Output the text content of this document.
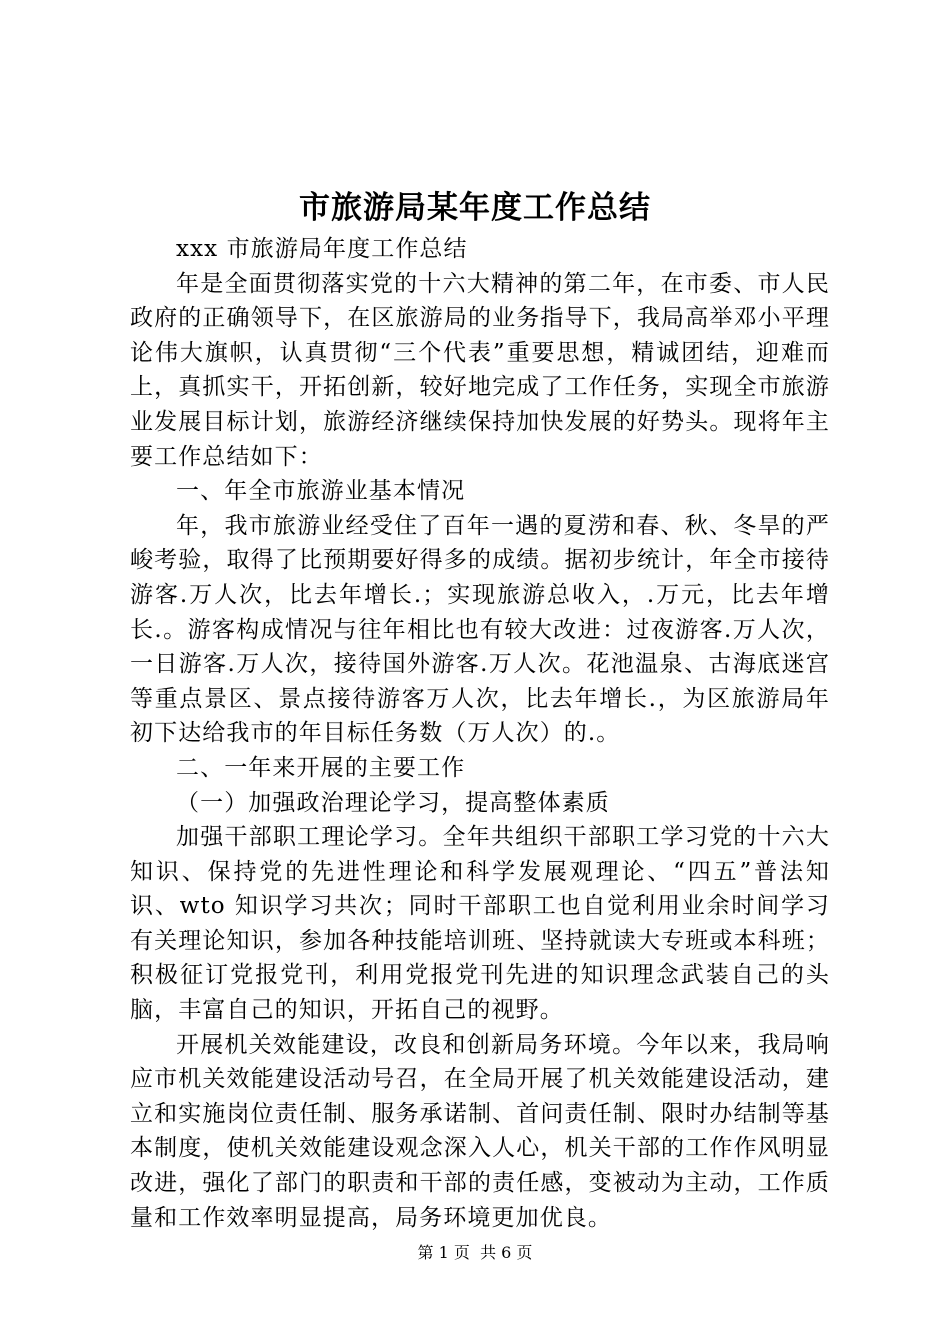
市旅游局某年度工作总结

xxx 市旅游局年度工作总结

年是全面贯彻落实党的十六大精神的第二年，在市委、市人民政府的正确领导下，在区旅游局的业务指导下，我局高举邓小平理论伟大旗帜，认真贯彻“三个代表”重要思想，精诚团结，迎难而上，真抓实干，开拓创新，较好地完成了工作任务，实现全市旅游业发展目标计划，旅游经济继续保持加快发展的好势头。现将年主要工作总结如下：

一、年全市旅游业基本情况

年，我市旅游业经受住了百年一遇的夏涝和春、秋、冬旱的严峻考验，取得了比预期要好得多的成绩。据初步统计，年全市接待游客.万人次，比去年增长.；实现旅游总收入，.万元，比去年增长.。游客构成情况与往年相比也有较大改进：过夜游客.万人次，一日游客.万人次，接待国外游客.万人次。花池温泉、古海底迷宫等重点景区、景点接待游客万人次，比去年增长.，为区旅游局年初下达给我市的年目标任务数（万人次）的.。

二、一年来开展的主要工作

（一）加强政治理论学习，提高整体素质

加强干部职工理论学习。全年共组织干部职工学习党的十六大知识、保持党的先进性理论和科学发展观理论、“四五”普法知识、wto 知识学习共次；同时干部职工也自觉利用业余时间学习有关理论知识，参加各种技能培训班、坚持就读大专班或本科班；积极征订党报党刊，利用党报党刊先进的知识理念武装自己的头脑，丰富自己的知识，开拓自己的视野。

开展机关效能建设，改良和创新局务环境。今年以来，我局响应市机关效能建设活动号召，在全局开展了机关效能建设活动，建立和实施岗位责任制、服务承诺制、首问责任制、限时办结制等基本制度，使机关效能建设观念深入人心，机关干部的工作作风明显改进，强化了部门的职责和干部的责任感，变被动为主动，工作质量和工作效率明显提高，局务环境更加优良。

第 1 页  共 6 页
